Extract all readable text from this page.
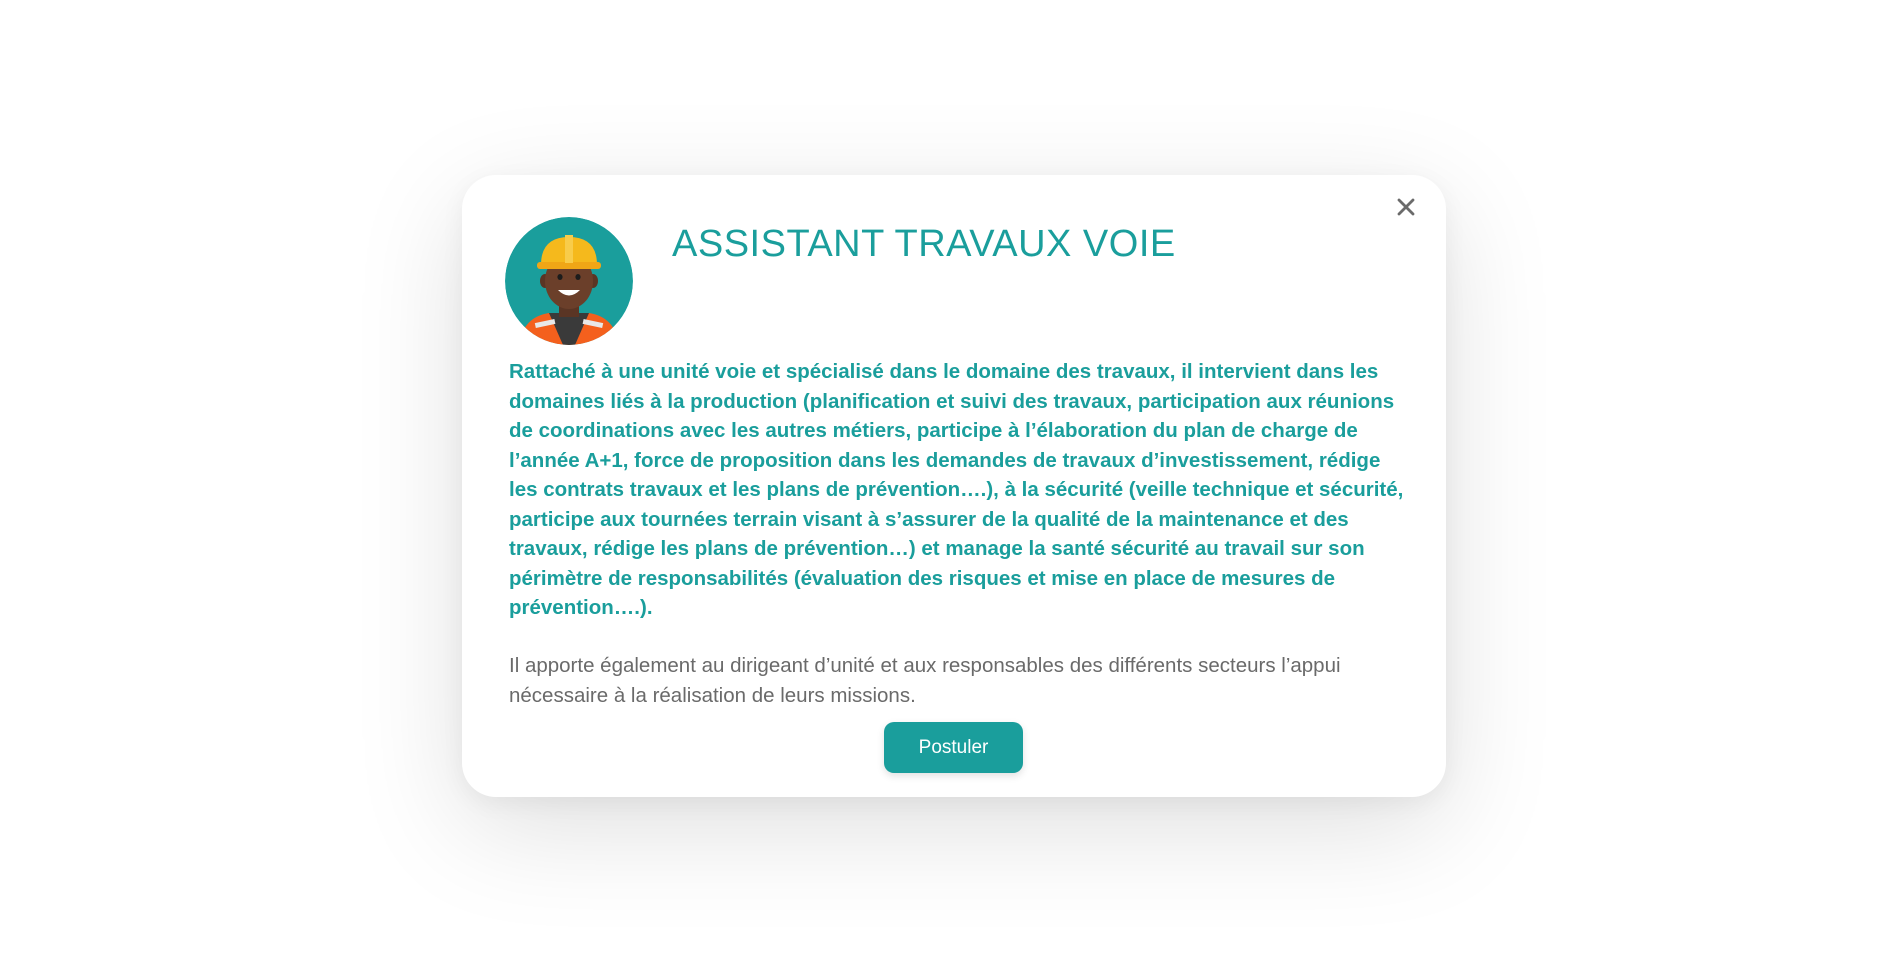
ASSISTANT TRAVAUX VOIE

Rattaché à une unité voie et spécialisé dans le domaine des travaux, il intervient dans les domaines liés à la production (planification et suivi des travaux, participation aux réunions de coordinations avec les autres métiers, participe à l’élaboration du plan de charge de l’année A+1, force de proposition dans les demandes de travaux d’investissement, rédige les contrats travaux et les plans de prévention….), à la sécurité (veille technique et sécurité, participe aux tournées terrain visant à s’assurer de la qualité de la maintenance et des travaux, rédige les plans de prévention…) et manage la santé sécurité au travail sur son périmètre de responsabilités (évaluation des risques et mise en place de mesures de prévention….).

Il apporte également au dirigeant d’unité et aux responsables des différents secteurs l’appui nécessaire à la réalisation de leurs missions.

Postuler
